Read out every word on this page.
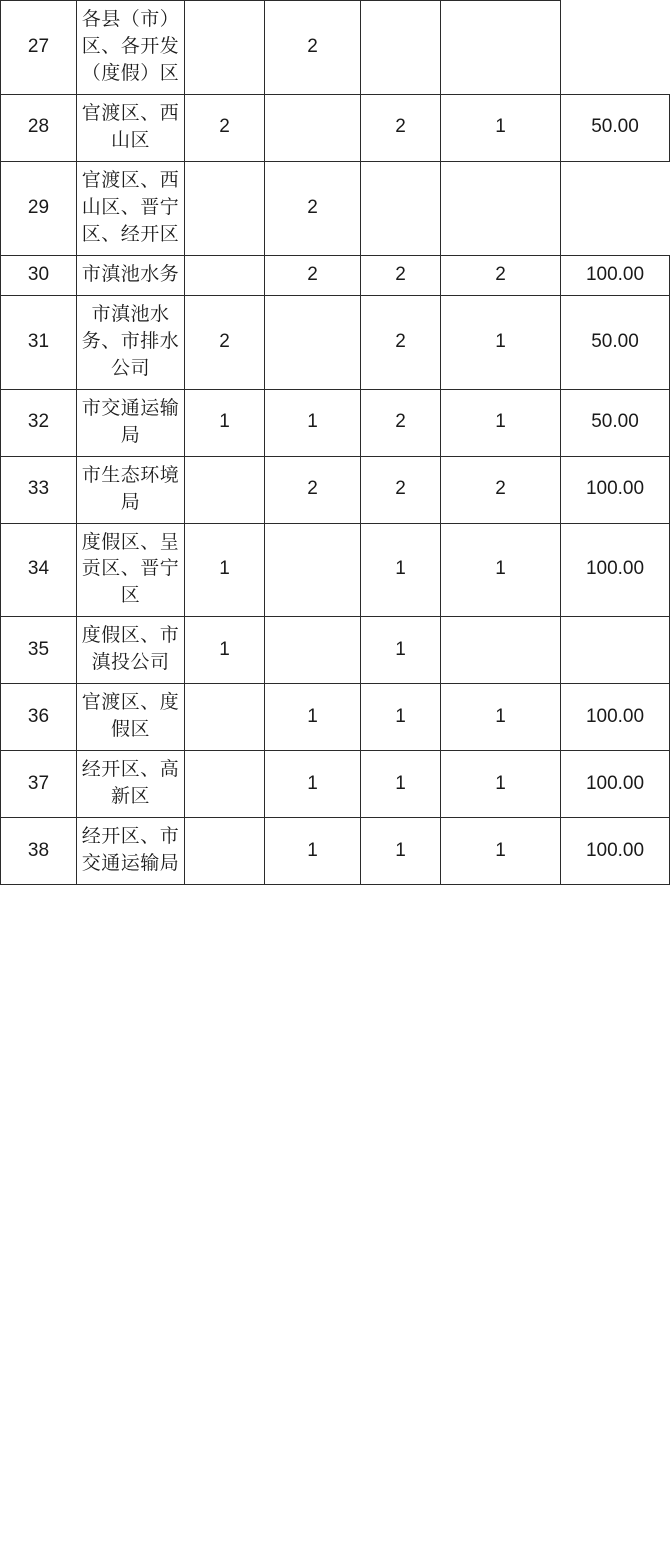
27	各县（市）区、各开发（度假）区		2			
28	官渡区、西山区	2		2	1	50.00
29	官渡区、西山区、晋宁区、经开区		2			
30	市滇池水务		2	2	2	100.00
31	市滇池水务、市排水公司	2		2	1	50.00
32	市交通运输局	1	1	2	1	50.00
33	市生态环境局		2	2	2	100.00
34	度假区、呈贡区、晋宁区	1		1	1	100.00
35	度假区、市滇投公司	1		1		
36	官渡区、度假区		1	1	1	100.00
37	经开区、高新区		1	1	1	100.00
38	经开区、市交通运输局		1	1	1	100.00
